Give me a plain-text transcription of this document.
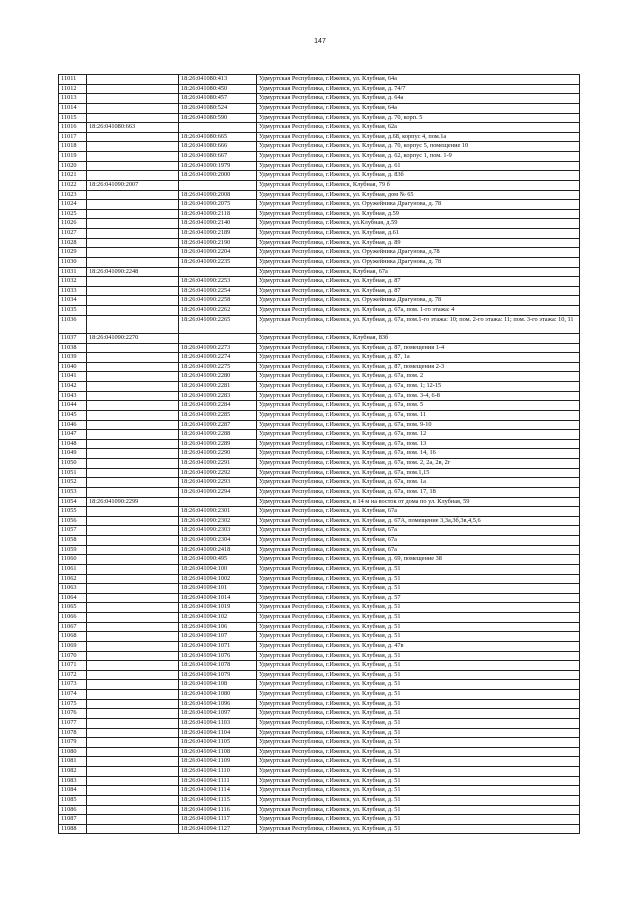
147
11011		18:26:041080:413	Удмуртская Республика, г.Ижевск, ул. Клубная, 64а
11012		18:26:041080:450	Удмуртская Республика, г.Ижевск, ул. Клубная, д. 74/7
11013		18:26:041080:457	Удмуртская Республика, г.Ижевск, ул. Клубная, д. 64а
11014		18:26:041080:524	Удмуртская Республика, г.Ижевск, ул. Клубная, 64а
11015		18:26:041080:590	Удмуртская Республика, г.Ижевск, ул. Клубная, д. 70, корп. 5
11016	18:26:041080:663		Удмуртская Республика, г.Ижевск, ул. Клубная, 62а
11017		18:26:041080:665	Удмуртская Республика, г.Ижевск, ул. Клубная, д.68, корпус 4, пом.1а
11018		18:26:041080:666	Удмуртская Республика, г.Ижевск, ул. Клубная, д. 70, корпус 5, помещение 10
11019		18:26:041080:667	Удмуртская Республика, г.Ижевск, ул. Клубная, д. 62, корпус 1, пом. 1-9
11020		18:26:041090:1979	Удмуртская Республика, г.Ижевск, ул. Клубная, д. 61
11021		18:26:041090:2000	Удмуртская Республика, г.Ижевск, ул. Клубная, д. 83б
11022	18:26:041090:2007		Удмуртская Республика, г.Ижевск, Клубная, 79 б
11023		18:26:041090:2008	Удмуртская Республика, г.Ижевск, ул. Клубная, дом № 65
11024		18:26:041090:2075	Удмуртская Республика, г.Ижевск, ул. Оружейника Драгунова, д. 78
11025		18:26:041090:2118	Удмуртская Республика, г.Ижевск, ул. Клубная, д.59
11026		18:26:041090:2140	Удмуртская Республика, г.Ижевск, ул.Клубная, д.59
11027		18:26:041090:2189	Удмуртская Республика, г.Ижевск, ул. Клубная, д.61
11028		18:26:041090:2190	Удмуртская Республика, г.Ижевск, ул. Клубная, д. 89
11029		18:26:041090:2204	Удмуртская Республика, г.Ижевск, ул. Оружейника Драгунова, д.78
11030		18:26:041090:2235	Удмуртская Республика, г.Ижевск, ул. Оружейника Драгунова, д. 78
11031	18:26:041090:2248		Удмуртская Республика, г.Ижевск, Клубная, 67а
11032		18:26:041090:2253	Удмуртская Республика, г.Ижевск, ул. Клубная, д. 87
11033		18:26:041090:2254	Удмуртская Республика, г.Ижевск, ул. Клубная, д. 87
11034		18:26:041090:2258	Удмуртская Республика, г.Ижевск, ул. Оружейника Драгунова, д. 78
11035		18:26:041090:2262	Удмуртская Республика, г.Ижевск, ул. Клубная, д. 67а, пом. 1-го этажа: 4
11036		18:26:041090:2265	Удмуртская Республика, г.Ижевск, ул. Клубная, д. 67а, пом.1-го этажа: 10; пом. 2-го этажа: 11; пом. 3-го этажа: 10, 11
11037	18:26:041090:2270		Удмуртская Республика, г.Ижевск, Клубная, 83б
11038		18:26:041090:2273	Удмуртская Республика, г.Ижевск, ул. Клубная, д. 87, помещения 1-4
11039		18:26:041090:2274	Удмуртская Республика, г.Ижевск, ул. Клубная, д. 87, 1а
11040		18:26:041090:2275	Удмуртская Республика, г.Ижевск, ул. Клубная, д. 87, помещения 2-3
11041		18:26:041090:2280	Удмуртская Республика, г.Ижевск, ул. Клубная, д. 67а, пом. 2
11042		18:26:041090:2281	Удмуртская Республика, г.Ижевск, ул. Клубная, д. 67а, пом. 1; 12-15
11043		18:26:041090:2283	Удмуртская Республика, г.Ижевск, ул. Клубная, д. 67а, пом. 3-4, 6-8
11044		18:26:041090:2284	Удмуртская Республика, г.Ижевск, ул. Клубная, д. 67а, пом. 5
11045		18:26:041090:2285	Удмуртская Республика, г.Ижевск, ул. Клубная, д. 67а, пом. 11
11046		18:26:041090:2287	Удмуртская Республика, г.Ижевск, ул. Клубная, д. 67а, пом. 9-10
11047		18:26:041090:2288	Удмуртская Республика, г.Ижевск, ул. Клубная, д. 67а, пом. 12
11048		18:26:041090:2289	Удмуртская Республика, г.Ижевск, ул. Клубная, д. 67а, пом. 13
11049		18:26:041090:2290	Удмуртская Республика, г.Ижевск, ул. Клубная, д. 67а, пом. 14, 16
11050		18:26:041090:2291	Удмуртская Республика, г.Ижевск, ул. Клубная, д. 67а, пом. 2, 2а, 2в, 2г
11051		18:26:041090:2292	Удмуртская Республика, г.Ижевск, ул. Клубная, д. 67а, пом.1,15
11052		18:26:041090:2293	Удмуртская Республика, г.Ижевск, ул. Клубная, д. 67а, пом. 1а
11053		18:26:041090:2294	Удмуртская Республика, г.Ижевск, ул. Клубная, д. 67а, пом. 17, 18
11054	18:26:041090:2299		Удмуртская Республика, г.Ижевск, в 14 м на восток от дома по ул. Клубная, 59
11055		18:26:041090:2301	Удмуртская Республика, г.Ижевск, ул. Клубная, 67а
11056		18:26:041090:2302	Удмуртская Республика, г.Ижевск, ул. Клубная, д. 67А, помещение 3,3а,3б,3в,4,5,6
11057		18:26:041090:2303	Удмуртская Республика, г.Ижевск, ул. Клубная, 67а
11058		18:26:041090:2304	Удмуртская Республика, г.Ижевск, ул. Клубная, 67а
11059		18:26:041090:2418	Удмуртская Республика, г.Ижевск, ул. Клубная, 67а
11060		18:26:041090:495	Удмуртская Республика, г.Ижевск, ул. Клубная, д. 69, помещение 38
11061		18:26:041094:100	Удмуртская Республика, г.Ижевск, ул. Клубная, д. 51
11062		18:26:041094:1002	Удмуртская Республика, г.Ижевск, ул. Клубная, д. 51
11063		18:26:041094:101	Удмуртская Республика, г.Ижевск, ул. Клубная, д. 51
11064		18:26:041094:1014	Удмуртская Республика, г.Ижевск, ул. Клубная, д. 57
11065		18:26:041094:1019	Удмуртская Республика, г.Ижевск, ул. Клубная, д. 51
11066		18:26:041094:102	Удмуртская Республика, г.Ижевск, ул. Клубная, д. 51
11067		18:26:041094:106	Удмуртская Республика, г.Ижевск, ул. Клубная, д. 51
11068		18:26:041094:107	Удмуртская Республика, г.Ижевск, ул. Клубная, д. 51
11069		18:26:041094:1071	Удмуртская Республика, г.Ижевск, ул. Клубная, д. 47в
11070		18:26:041094:1076	Удмуртская Республика, г.Ижевск, ул. Клубная, д. 51
11071		18:26:041094:1078	Удмуртская Республика, г.Ижевск, ул. Клубная, д. 51
11072		18:26:041094:1079	Удмуртская Республика, г.Ижевск, ул. Клубная, д. 51
11073		18:26:041094:108	Удмуртская Республика, г.Ижевск, ул. Клубная, д. 51
11074		18:26:041094:1080	Удмуртская Республика, г.Ижевск, ул. Клубная, д. 51
11075		18:26:041094:1096	Удмуртская Республика, г.Ижевск, ул. Клубная, д. 51
11076		18:26:041094:1097	Удмуртская Республика, г.Ижевск, ул. Клубная, д. 51
11077		18:26:041094:1103	Удмуртская Республика, г.Ижевск, ул. Клубная, д. 51
11078		18:26:041094:1104	Удмуртская Республика, г.Ижевск, ул. Клубная, д. 51
11079		18:26:041094:1105	Удмуртская Республика, г.Ижевск, ул. Клубная, д. 51
11080		18:26:041094:1108	Удмуртская Республика, г.Ижевск, ул. Клубная, д. 51
11081		18:26:041094:1109	Удмуртская Республика, г.Ижевск, ул. Клубная, д. 51
11082		18:26:041094:1110	Удмуртская Республика, г.Ижевск, ул. Клубная, д. 51
11083		18:26:041094:1111	Удмуртская Республика, г.Ижевск, ул. Клубная, д. 51
11084		18:26:041094:1114	Удмуртская Республика, г.Ижевск, ул. Клубная, д. 51
11085		18:26:041094:1115	Удмуртская Республика, г.Ижевск, ул. Клубная, д. 51
11086		18:26:041094:1116	Удмуртская Республика, г.Ижевск, ул. Клубная, д. 51
11087		18:26:041094:1117	Удмуртская Республика, г.Ижевск, ул. Клубная, д. 51
11088		18:26:041094:1127	Удмуртская Республика, г.Ижевск, ул. Клубная, д. 51
